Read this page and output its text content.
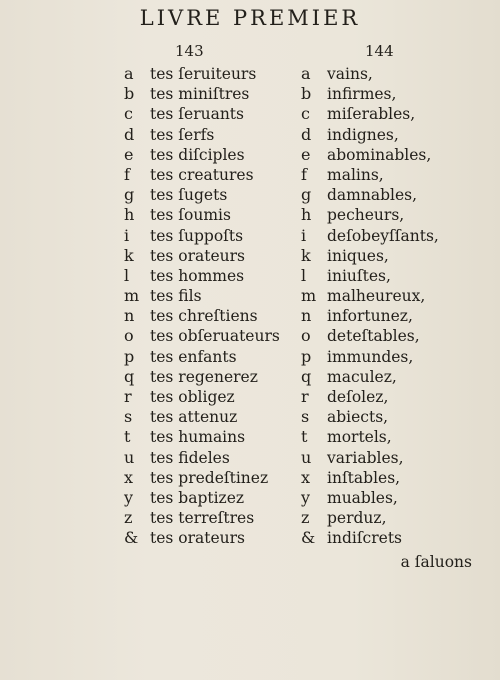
LIVRE PREMIER
143	144
a tes ſeruiteurs
b tes miniſtres
c tes ſeruants
d tes ſerfs
e tes diſciples
f tes creatures
g tes ſugets
h tes ſoumis
i tes ſuppoſts
k tes orateurs
l tes hommes
m tes fils
n tes chreſtiens
o tes obſeruateurs
p tes enfants
q tes regenerez
r tes obligez
s tes attenuz
t tes humains
u tes fideles
x tes predeſtinez
y tes baptizez
z tes terreſtres
& tes orateurs
a vains,
b infirmes,
c miſerables,
d indignes,
e abominables,
f malins,
g damnables,
h pecheurs,
i deſobeyſſants,
k iniques,
l iniuſtes,
m malheureux,
n infortunez,
o deteſtables,
p immundes,
q maculez,
r deſolez,
s abiects,
t mortels,
u variables,
x inſtables,
y muables,
z perduz,
& indiſcrets
a ſaluons
